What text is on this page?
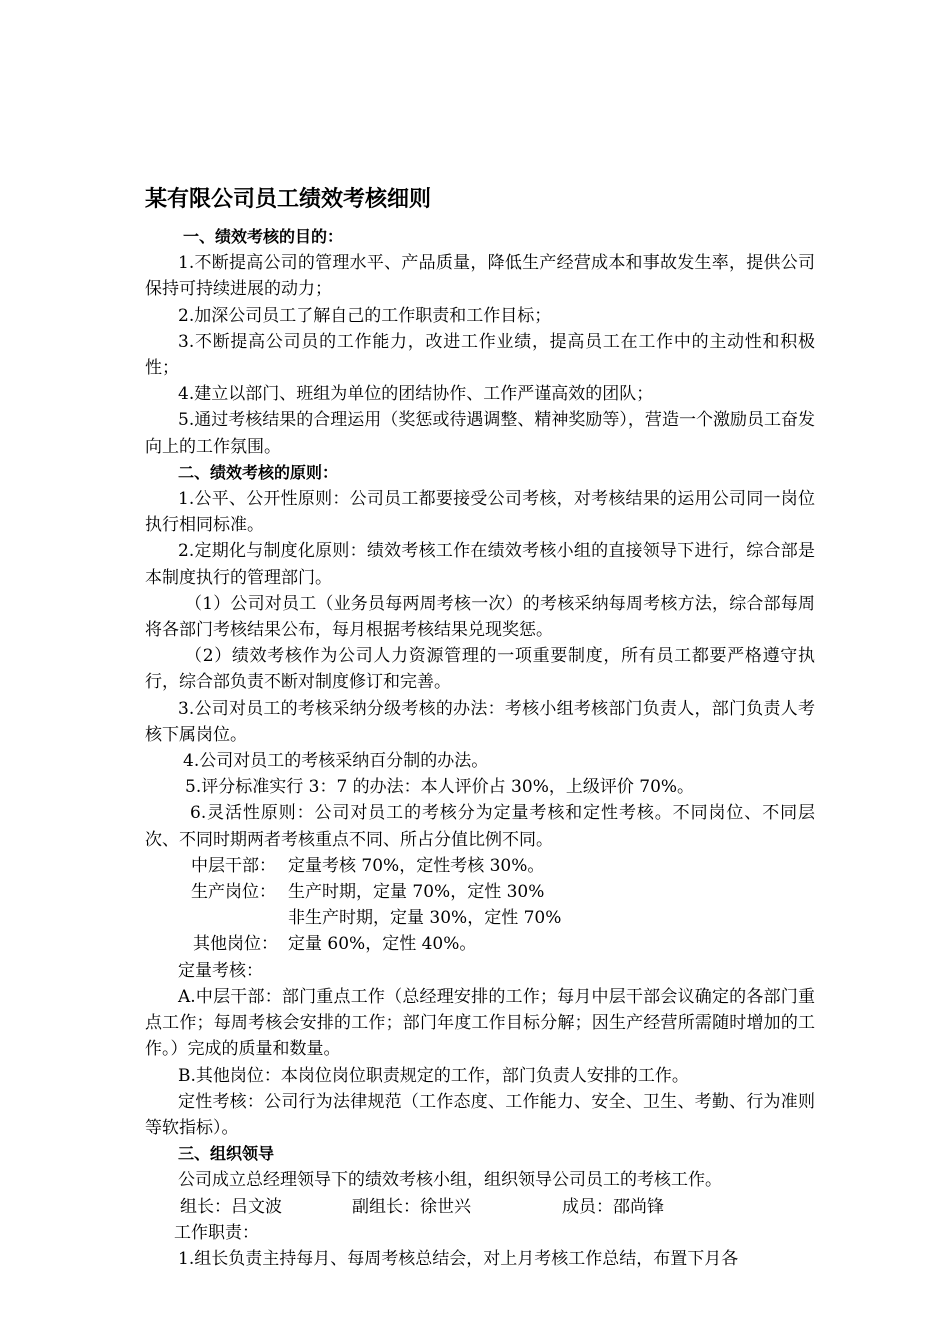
某有限公司员工绩效考核细则

一、绩效考核的目的：

1.不断提高公司的管理水平、产品质量，降低生产经营成本和事故发生率，提供公司保持可持续进展的动力；

2.加深公司员工了解自己的工作职责和工作目标；

3.不断提高公司员的工作能力，改进工作业绩，提高员工在工作中的主动性和积极性；

4.建立以部门、班组为单位的团结协作、工作严谨高效的团队；

5.通过考核结果的合理运用（奖惩或待遇调整、精神奖励等），营造一个激励员工奋发向上的工作氛围。

二、绩效考核的原则：

1.公平、公开性原则：公司员工都要接受公司考核，对考核结果的运用公司同一岗位执行相同标准。

2.定期化与制度化原则：绩效考核工作在绩效考核小组的直接领导下进行，综合部是本制度执行的管理部门。

（1）公司对员工（业务员每两周考核一次）的考核采纳每周考核方法，综合部每周将各部门考核结果公布，每月根据考核结果兑现奖惩。

（2）绩效考核作为公司人力资源管理的一项重要制度，所有员工都要严格遵守执行，综合部负责不断对制度修订和完善。

3.公司对员工的考核采纳分级考核的办法：考核小组考核部门负责人，部门负责人考核下属岗位。

4.公司对员工的考核采纳百分制的办法。

5.评分标准实行 3：7 的办法：本人评价占 30%，上级评价 70%。

6.灵活性原则：公司对员工的考核分为定量考核和定性考核。不同岗位、不同层次、不同时期两者考核重点不同、所占分值比例不同。

中层干部： 定量考核 70%，定性考核 30%。
生产岗位： 生产时期，定量 70%，定性 30%
非生产时期，定量 30%，定性 70%
其他岗位： 定量 60%，定性 40%。

定量考核：

A.中层干部：部门重点工作（总经理安排的工作；每月中层干部会议确定的各部门重点工作；每周考核会安排的工作；部门年度工作目标分解；因生产经营所需随时增加的工作。）完成的质量和数量。

B.其他岗位：本岗位岗位职责规定的工作，部门负责人安排的工作。

定性考核：公司行为法律规范（工作态度、工作能力、安全、卫生、考勤、行为准则等软指标）。

三、组织领导

公司成立总经理领导下的绩效考核小组，组织领导公司员工的考核工作。

组长：吕文波	副组长：徐世兴	成员：邵尚锋

工作职责：

1.组长负责主持每月、每周考核总结会，对上月考核工作总结，布置下月各
